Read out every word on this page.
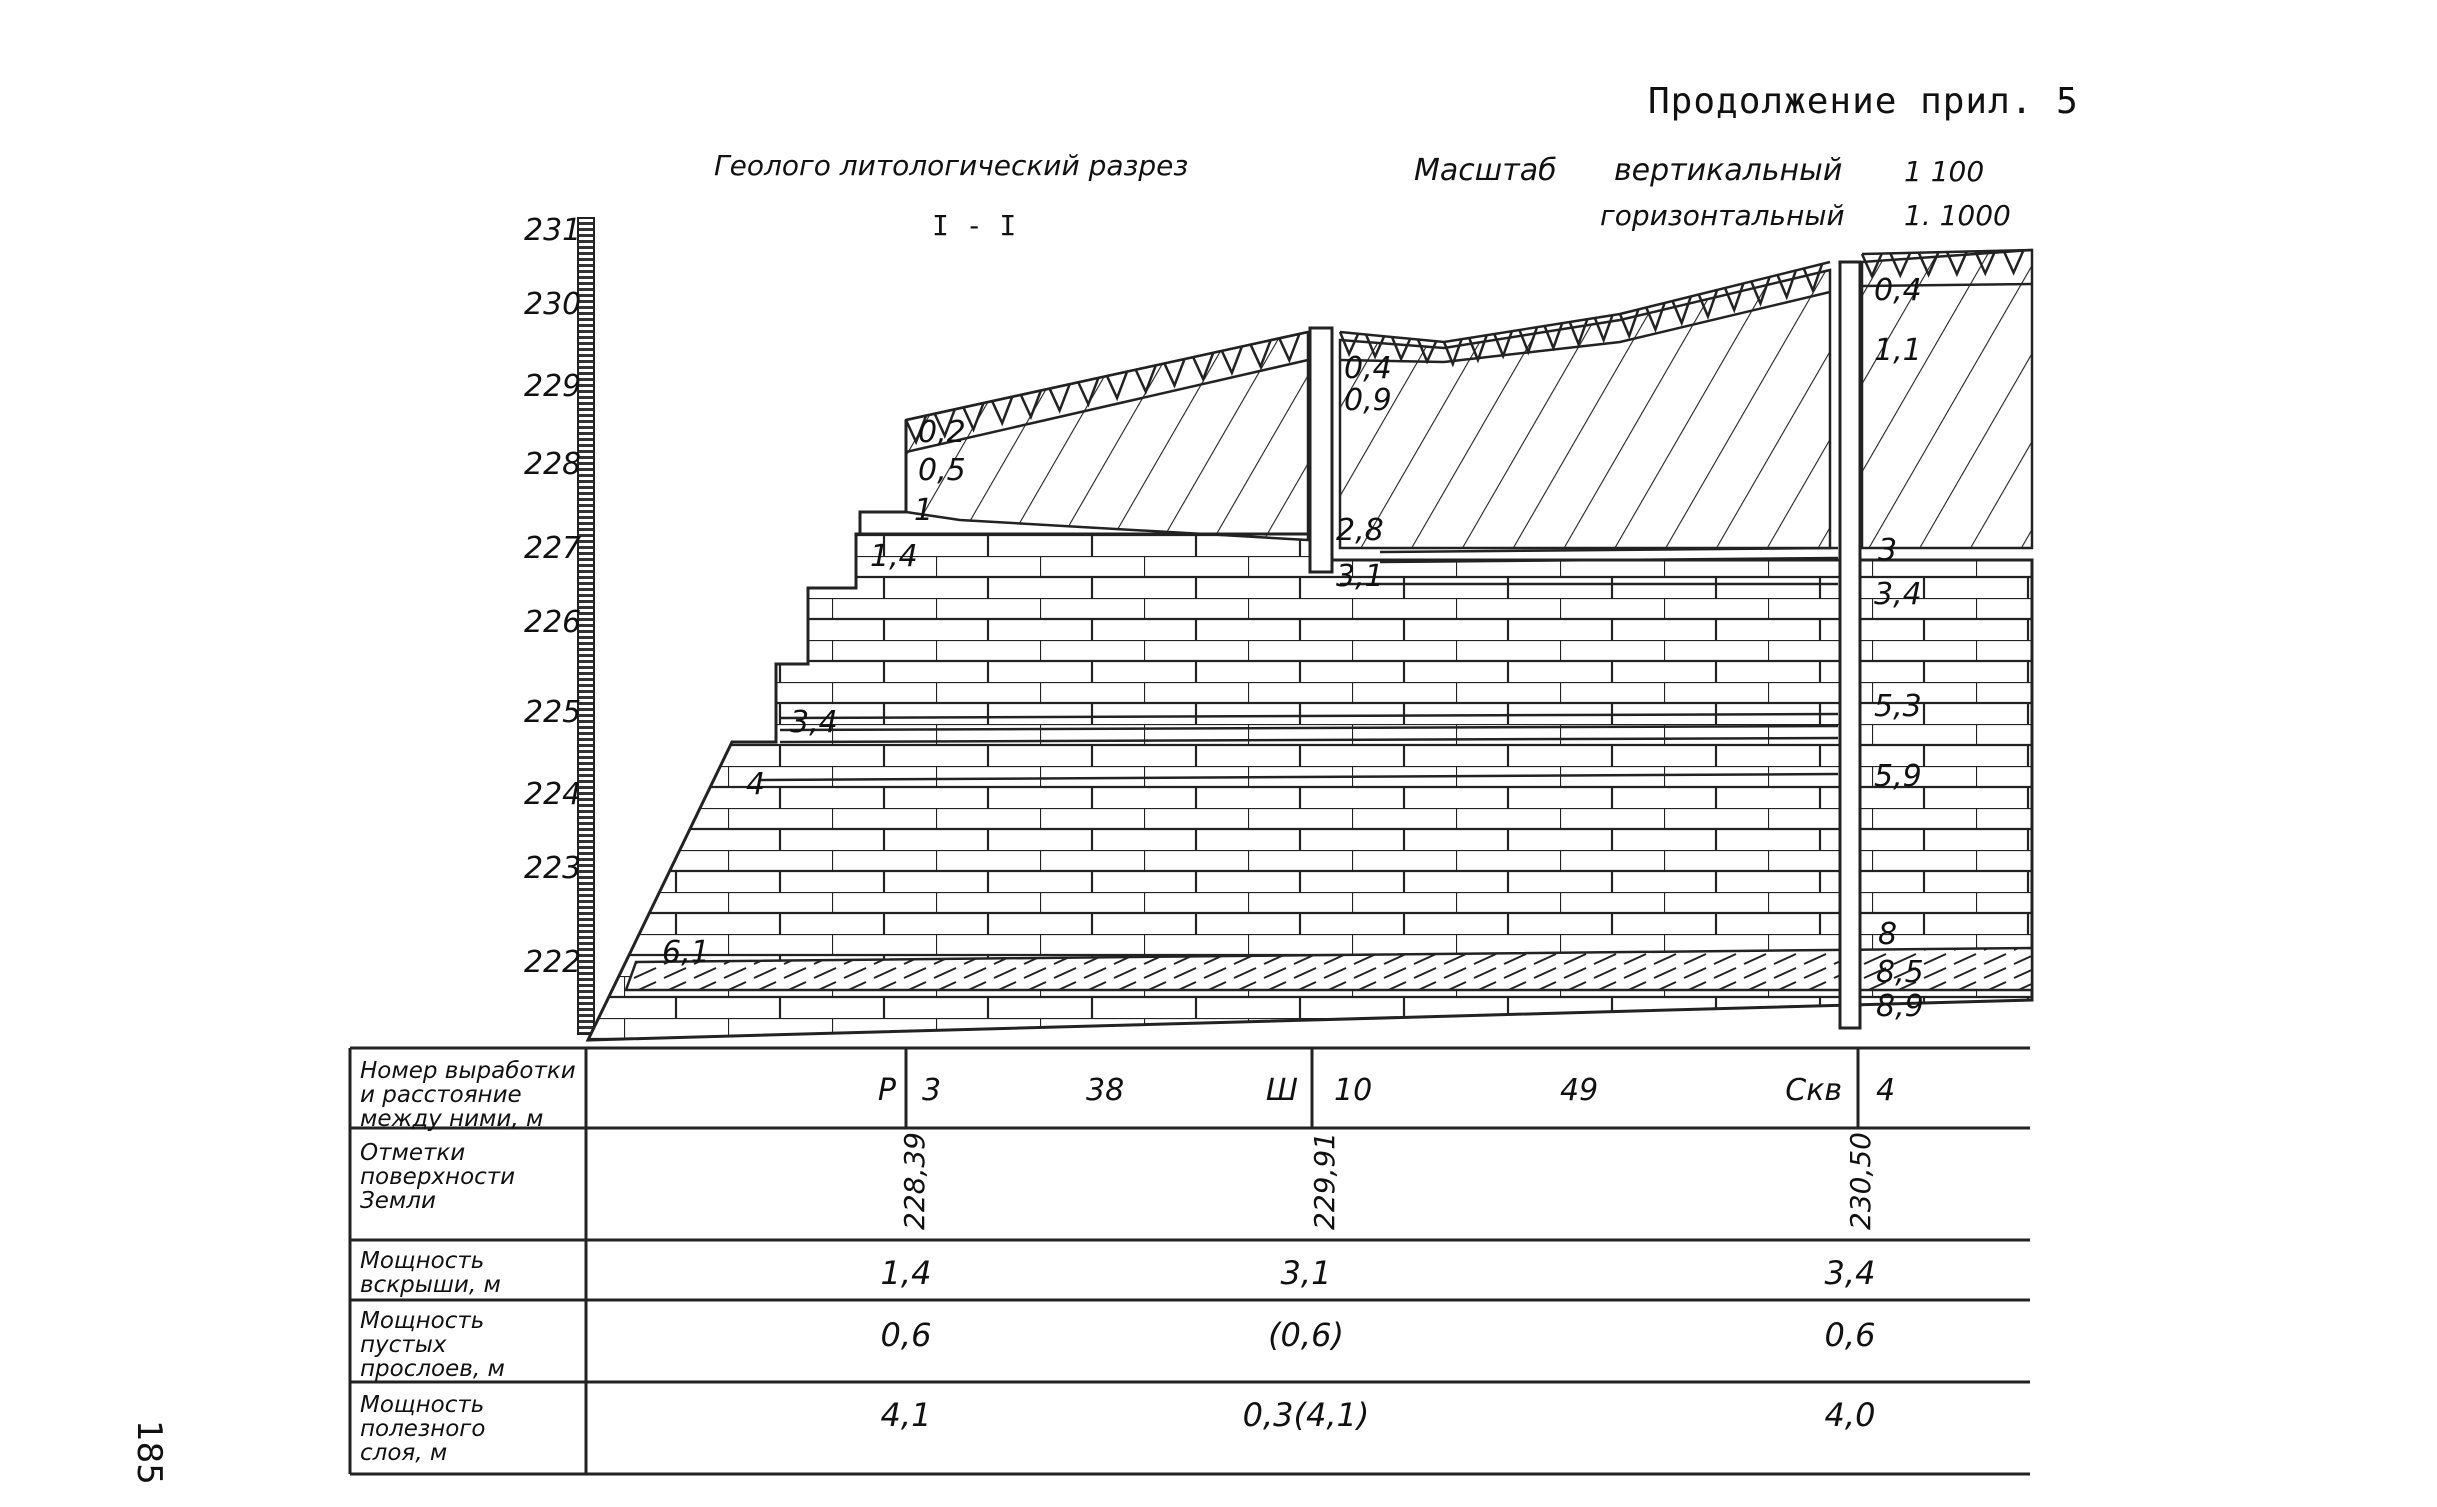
Продолжение прил. 5
Геолого литологический разрез
I - I
Масштаб вертикальный 1 100
горизонтальный 1. 1000
185
0,2
0,5
1
1,4
3,4
4
6,1
0,4
0,9
2,8
3,1
0,4
1,1
3
3,4
5,3
5,9
8
8,5
8,9
Номер выработки
и расстояние
между ними, м
Отметки
поверхности
Земли
Мощность
вскрыши, м
Мощность
пустых
прослоев, м
Мощность
полезного
слоя, м
Р 3	38
228,39
1,4
0,6
4,1
Ш 10	49
229,91
3,1
(0,6)
0,3(4,1)
Скв 4
230,50
3,4
0,6
4,0
231
230
229
228
227
226
225
224
223
222
